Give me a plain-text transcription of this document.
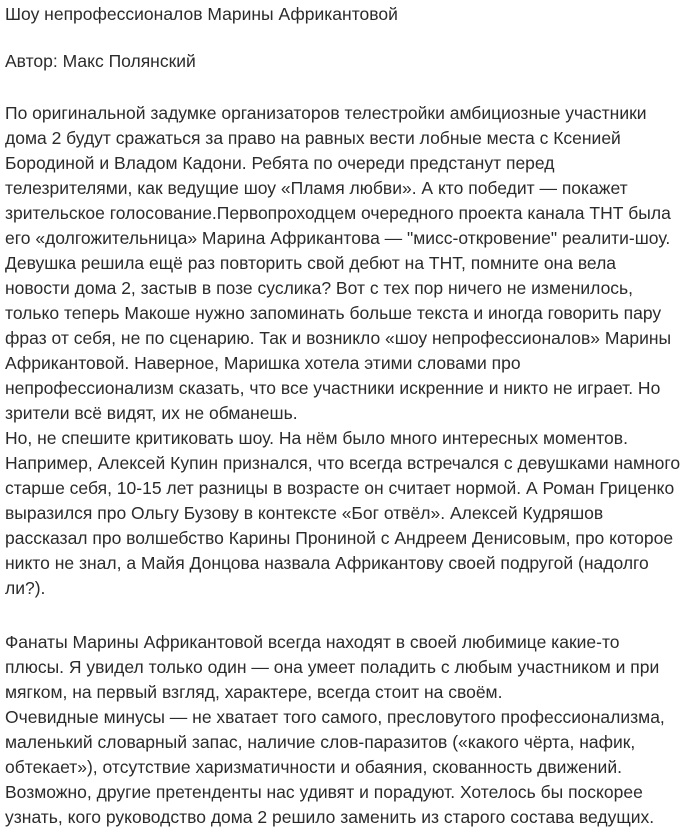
Шоу непрофессионалов Марины Африкантовой
Автор: Макс Полянский
По оригинальной задумке организаторов телестройки амбициозные участники
дома 2 будут сражаться за право на равных вести лобные места с Ксенией
Бородиной и Владом Кадони. Ребята по очереди предстанут перед
телезрителями, как ведущие шоу «Пламя любви». А кто победит — покажет
зрительское голосование.Первопроходцем очередного проекта канала ТНТ была
его «долгожительница» Марина Африкантова — "мисс-откровение" реалити-шоу.
Девушка решила ещё раз повторить свой дебют на ТНТ, помните она вела
новости дома 2, застыв в позе суслика? Вот с тех пор ничего не изменилось,
только теперь Макоше нужно запоминать больше текста и иногда говорить пару
фраз от себя, не по сценарию. Так и возникло «шоу непрофессионалов» Марины
Африкантовой. Наверное, Маришка хотела этими словами про
непрофессионализм сказать, что все участники искренние и никто не играет. Но
зрители всё видят, их не обманешь.
Но, не спешите критиковать шоу. На нём было много интересных моментов.
Например, Алексей Купин признался, что всегда встречался с девушками намного
старше себя, 10-15 лет разницы в возрасте он считает нормой. А Роман Гриценко
выразился про Ольгу Бузову в контексте «Бог отвёл». Алексей Кудряшов
рассказал про волшебство Карины Прониной с Андреем Денисовым, про которое
никто не знал, а Майя Донцова назвала Африкантову своей подругой (надолго
ли?).
Фанаты Марины Африкантовой всегда находят в своей любимице какие-то
плюсы. Я увидел только один — она умеет поладить с любым участником и при
мягком, на первый взгляд, характере, всегда стоит на своём.
Очевидные минусы — не хватает того самого, пресловутого профессионализма,
маленький словарный запас, наличие слов-паразитов («какого чёрта, нафик,
обтекает»), отсутствие харизматичности и обаяния, скованность движений.
Возможно, другие претенденты нас удивят и порадуют. Хотелось бы поскорее
узнать, кого руководство дома 2 решило заменить из старого состава ведущих.
